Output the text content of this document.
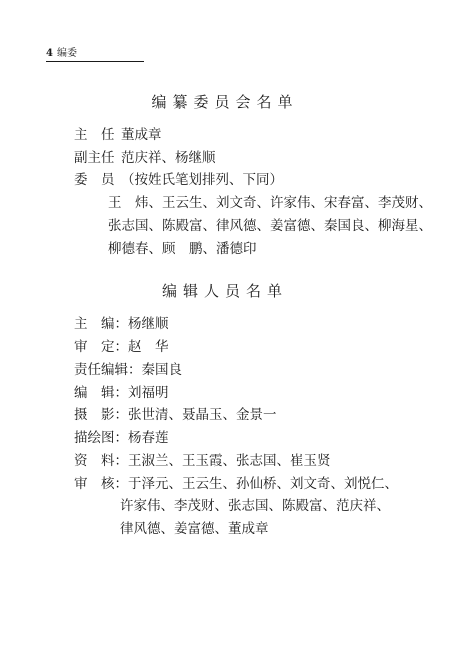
4 编委
编纂委员会名单
主　任 董成章
副主任 范庆祥、杨继顺
委　员 （按姓氏笔划排列、下同）
王　炜、王云生、刘文奇、许家伟、宋春富、李茂财、
张志国、陈殿富、律风德、姜富德、秦国良、柳海星、
柳德春、顾　鹏、潘德印
编辑人员名单
主　编：杨继顺
审　定：赵　华
责任编辑：秦国良
编　辑：刘福明
摄　影：张世清、聂晶玉、金景一
描绘图：杨春莲
资　料：王淑兰、王玉霞、张志国、崔玉贤
审　核：于泽元、王云生、孙仙桥、刘文奇、刘悦仁、
许家伟、李茂财、张志国、陈殿富、范庆祥、
律风德、姜富德、董成章
